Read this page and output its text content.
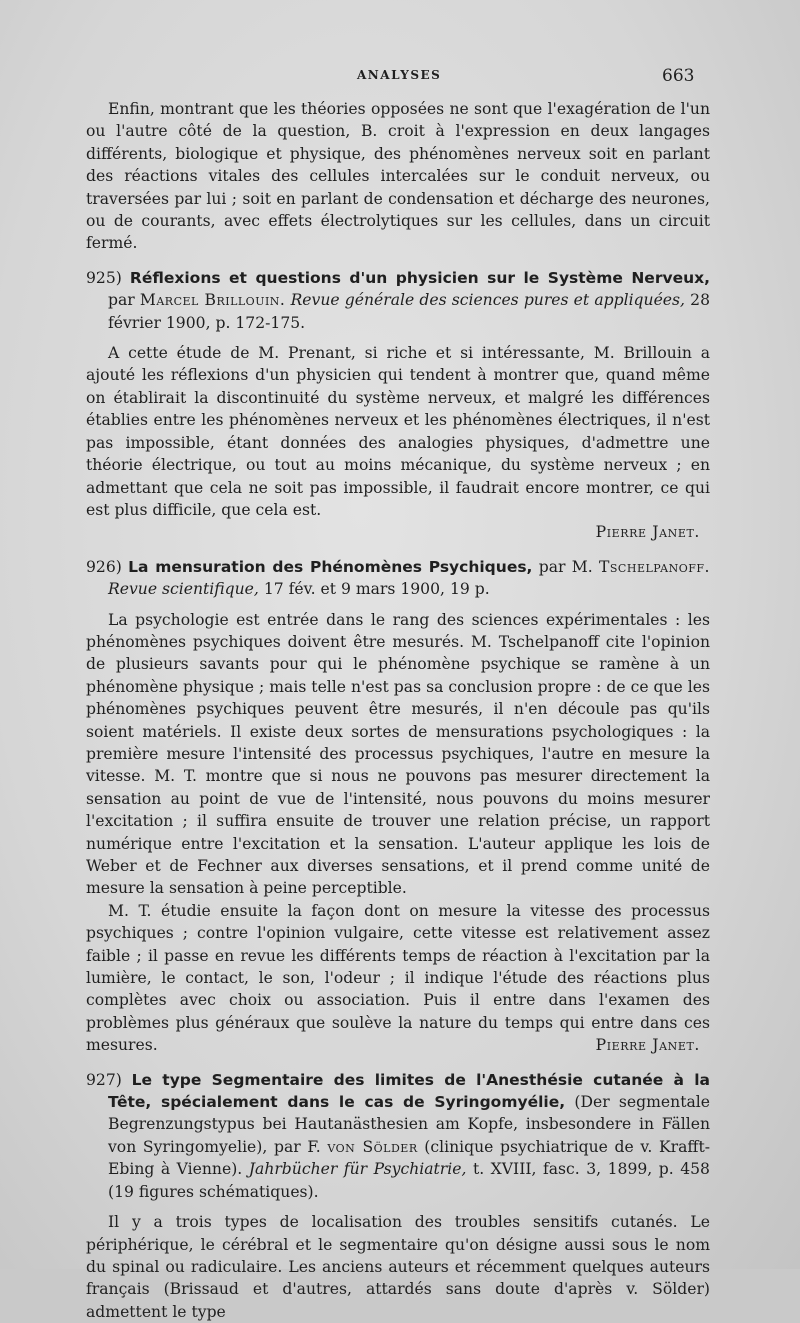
ANALYSES	663

Enfin, montrant que les théories opposées ne sont que l'exagération de l'un ou l'autre côté de la question, B. croit à l'expression en deux langages différents, biologique et physique, des phénomènes nerveux soit en parlant des réactions vitales des cellules intercalées sur le conduit nerveux, ou traversées par lui ; soit en parlant de condensation et décharge des neurones, ou de courants, avec effets électrolytiques sur les cellules, dans un circuit fermé.

925) Réflexions et questions d'un physicien sur le Système Nerveux, par Marcel Brillouin. Revue générale des sciences pures et appliquées, 28 février 1900, p. 172-175.

A cette étude de M. Prenant, si riche et si intéressante, M. Brillouin a ajouté les réflexions d'un physicien qui tendent à montrer que, quand même on établirait la discontinuité du système nerveux, et malgré les différences établies entre les phénomènes nerveux et les phénomènes électriques, il n'est pas impossible, étant données des analogies physiques, d'admettre une théorie électrique, ou tout au moins mécanique, du système nerveux ; en admettant que cela ne soit pas impossible, il faudrait encore montrer, ce qui est plus difficile, que cela est.

Pierre Janet.

926) La mensuration des Phénomènes Psychiques, par M. Tschelpanoff. Revue scientifique, 17 fév. et 9 mars 1900, 19 p.

La psychologie est entrée dans le rang des sciences expérimentales : les phénomènes psychiques doivent être mesurés. M. Tschelpanoff cite l'opinion de plusieurs savants pour qui le phénomène psychique se ramène à un phénomène physique ; mais telle n'est pas sa conclusion propre : de ce que les phénomènes psychiques peuvent être mesurés, il n'en découle pas qu'ils soient matériels. Il existe deux sortes de mensurations psychologiques : la première mesure l'intensité des processus psychiques, l'autre en mesure la vitesse. M. T. montre que si nous ne pouvons pas mesurer directement la sensation au point de vue de l'intensité, nous pouvons du moins mesurer l'excitation ; il suffira ensuite de trouver une relation précise, un rapport numérique entre l'excitation et la sensation. L'auteur applique les lois de Weber et de Fechner aux diverses sensations, et il prend comme unité de mesure la sensation à peine perceptible.

M. T. étudie ensuite la façon dont on mesure la vitesse des processus psychiques ; contre l'opinion vulgaire, cette vitesse est relativement assez faible ; il passe en revue les différents temps de réaction à l'excitation par la lumière, le contact, le son, l'odeur ; il indique l'étude des réactions plus complètes avec choix ou association. Puis il entre dans l'examen des problèmes plus généraux que soulève la nature du temps qui entre dans ces mesures.	Pierre Janet.

927) Le type Segmentaire des limites de l'Anesthésie cutanée à la Tête, spécialement dans le cas de Syringomyélie, (Der segmentale Begrenzungstypus bei Hautanästhesien am Kopfe, insbesondere in Fällen von Syringomyelie), par F. von Sölder (clinique psychiatrique de v. Krafft-Ebing à Vienne). Jahrbücher für Psychiatrie, t. XVIII, fasc. 3, 1899, p. 458 (19 figures schématiques).

Il y a trois types de localisation des troubles sensitifs cutanés. Le périphérique, le cérébral et le segmentaire qu'on désigne aussi sous le nom du spinal ou radiculaire. Les anciens auteurs et récemment quelques auteurs français (Brissaud et d'autres, attardés sans doute d'après v. Sölder) admettent le type
